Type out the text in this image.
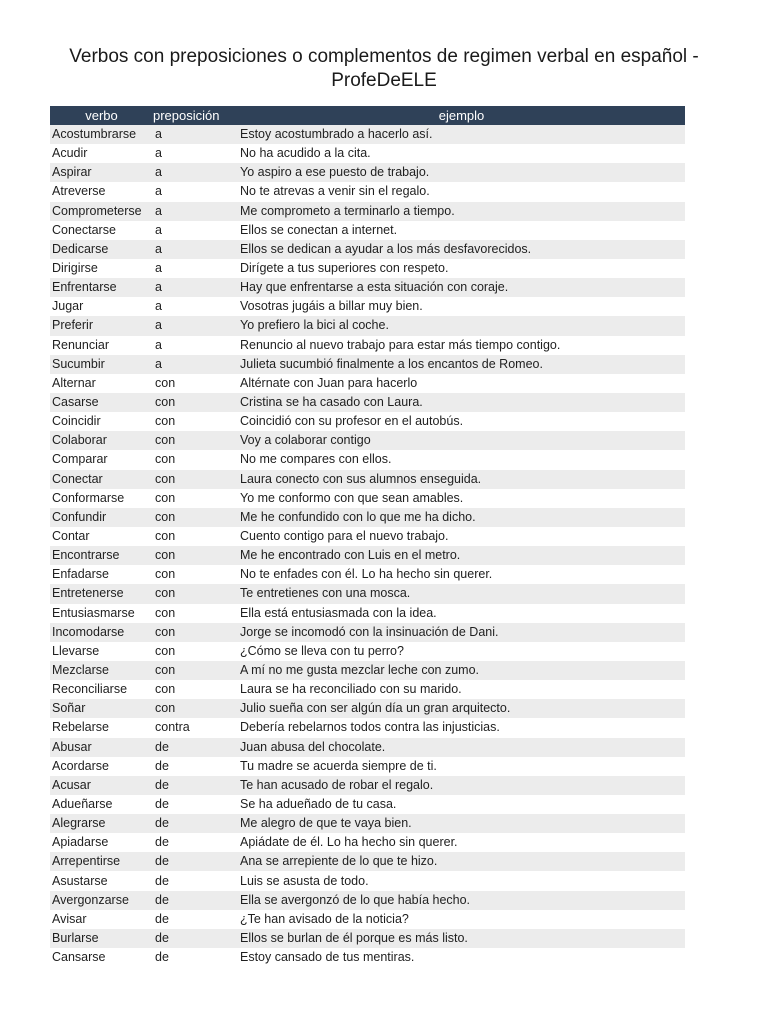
Verbos con preposiciones o complementos de regimen verbal en español -
ProfeDeELE
verbo	preposición	ejemplo
Acostumbrarse	a	Estoy acostumbrado a hacerlo así.
Acudir	a	No ha acudido a la cita.
Aspirar	a	Yo aspiro a ese puesto de trabajo.
Atreverse	a	No te atrevas a venir sin el regalo.
Comprometerse	a	Me comprometo a terminarlo a tiempo.
Conectarse	a	Ellos se conectan a internet.
Dedicarse	a	Ellos se dedican a ayudar a los más desfavorecidos.
Dirigirse	a	Dirígete a tus superiores con respeto.
Enfrentarse	a	Hay que enfrentarse a esta situación con coraje.
Jugar	a	Vosotras jugáis a billar muy bien.
Preferir	a	Yo prefiero la bici al coche.
Renunciar	a	Renuncio al nuevo trabajo para estar más tiempo contigo.
Sucumbir	a	Julieta sucumbió finalmente a los encantos de Romeo.
Alternar	con	Altérnate con Juan para hacerlo
Casarse	con	Cristina se ha casado con Laura.
Coincidir	con	Coincidió con su profesor en el autobús.
Colaborar	con	Voy a colaborar contigo
Comparar	con	No me compares con ellos.
Conectar	con	Laura conecto con sus alumnos enseguida.
Conformarse	con	Yo me conformo con que sean amables.
Confundir	con	Me he confundido con lo que me ha dicho.
Contar	con	Cuento contigo para el nuevo trabajo.
Encontrarse	con	Me he encontrado con Luis en el metro.
Enfadarse	con	No te enfades con él. Lo ha hecho sin querer.
Entretenerse	con	Te entretienes con una mosca.
Entusiasmarse	con	Ella está entusiasmada con la idea.
Incomodarse	con	Jorge se incomodó con la insinuación de Dani.
Llevarse	con	¿Cómo se lleva con tu perro?
Mezclarse	con	A mí no me gusta mezclar leche con zumo.
Reconciliarse	con	Laura se ha reconciliado con su marido.
Soñar	con	Julio sueña con ser algún día un gran arquitecto.
Rebelarse	contra	Debería rebelarnos todos contra las injusticias.
Abusar	de	Juan abusa del chocolate.
Acordarse	de	Tu madre se acuerda siempre de ti.
Acusar	de	Te han acusado de robar el regalo.
Adueñarse	de	Se ha adueñado de tu casa.
Alegrarse	de	Me alegro de que te vaya bien.
Apiadarse	de	Apiádate de él. Lo ha hecho sin querer.
Arrepentirse	de	Ana se arrepiente de lo que te hizo.
Asustarse	de	Luis se asusta de todo.
Avergonzarse	de	Ella se avergonzó de lo que había hecho.
Avisar	de	¿Te han avisado de la noticia?
Burlarse	de	Ellos se burlan de él porque es más listo.
Cansarse	de	Estoy cansado de tus mentiras.
